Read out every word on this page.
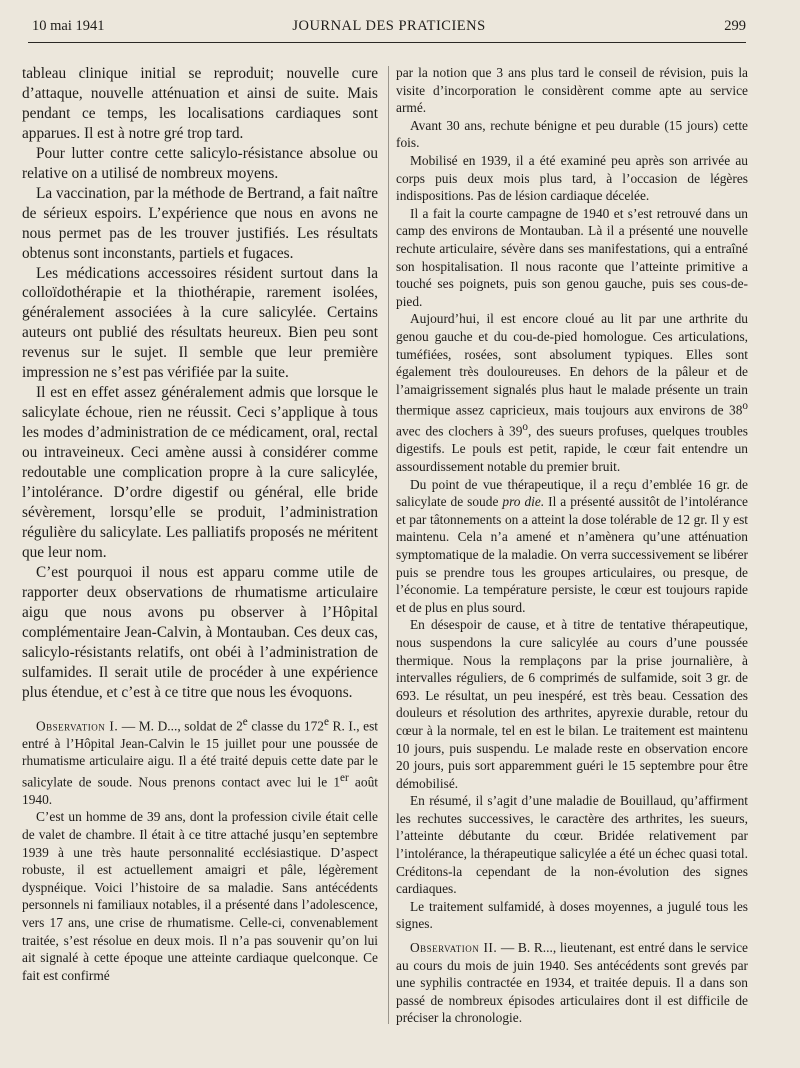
10 mai 1941	JOURNAL DES PRATICIENS	299

tableau clinique initial se reproduit; nouvelle cure d’attaque, nouvelle atténuation et ainsi de suite. Mais pendant ce temps, les localisations cardiaques sont apparues. Il est à notre gré trop tard.

Pour lutter contre cette salicylo-résistance absolue ou relative on a utilisé de nombreux moyens.

La vaccination, par la méthode de Bertrand, a fait naître de sérieux espoirs. L’expérience que nous en avons ne nous permet pas de les trouver justifiés. Les résultats obtenus sont inconstants, partiels et fugaces.

Les médications accessoires résident surtout dans la colloïdothérapie et la thiothérapie, rarement isolées, généralement associées à la cure salicylée. Certains auteurs ont publié des résultats heureux. Bien peu sont revenus sur le sujet. Il semble que leur première impression ne s’est pas vérifiée par la suite.

Il est en effet assez généralement admis que lorsque le salicylate échoue, rien ne réussit. Ceci s’applique à tous les modes d’administration de ce médicament, oral, rectal ou intraveineux. Ceci amène aussi à considérer comme redoutable une complication propre à la cure salicylée, l’intolérance. D’ordre digestif ou général, elle bride sévèrement, lorsqu’elle se produit, l’administration régulière du salicylate. Les palliatifs proposés ne méritent que leur nom.

C’est pourquoi il nous est apparu comme utile de rapporter deux observations de rhumatisme articulaire aigu que nous avons pu observer à l’Hôpital complémentaire Jean-Calvin, à Montauban. Ces deux cas, salicylo-résistants relatifs, ont obéi à l’administration de sulfamides. Il serait utile de procéder à une expérience plus étendue, et c’est à ce titre que nous les évoquons.

Observation I. — M. D..., soldat de 2e classe du 172e R. I., est entré à l’Hôpital Jean-Calvin le 15 juillet pour une poussée de rhumatisme articulaire aigu. Il a été traité depuis cette date par le salicylate de soude. Nous prenons contact avec lui le 1er août 1940.

C’est un homme de 39 ans, dont la profession civile était celle de valet de chambre. Il était à ce titre attaché jusqu’en septembre 1939 à une très haute personnalité ecclésiastique. D’aspect robuste, il est actuellement amaigri et pâle, légèrement dyspnéique. Voici l’histoire de sa maladie. Sans antécédents personnels ni familiaux notables, il a présenté dans l’adolescence, vers 17 ans, une crise de rhumatisme. Celle-ci, convenablement traitée, s’est résolue en deux mois. Il n’a pas souvenir qu’on lui ait signalé à cette époque une atteinte cardiaque quelconque. Ce fait est confirmé

par la notion que 3 ans plus tard le conseil de révision, puis la visite d’incorporation le considèrent comme apte au service armé.

Avant 30 ans, rechute bénigne et peu durable (15 jours) cette fois.

Mobilisé en 1939, il a été examiné peu après son arrivée au corps puis deux mois plus tard, à l’occasion de légères indispositions. Pas de lésion cardiaque décelée.

Il a fait la courte campagne de 1940 et s’est retrouvé dans un camp des environs de Montauban. Là il a présenté une nouvelle rechute articulaire, sévère dans ses manifestations, qui a entraîné son hospitalisation. Il nous raconte que l’atteinte primitive a touché ses poignets, puis son genou gauche, puis ses cous-de-pied.

Aujourd’hui, il est encore cloué au lit par une arthrite du genou gauche et du cou-de-pied homologue. Ces articulations, tuméfiées, rosées, sont absolument typiques. Elles sont également très douloureuses. En dehors de la pâleur et de l’amaigrissement signalés plus haut le malade présente un train thermique assez capricieux, mais toujours aux environs de 38$^o$ avec des clochers à 39$^o$, des sueurs profuses, quelques troubles digestifs. Le pouls est petit, rapide, le cœur fait entendre un assourdissement notable du premier bruit.

Du point de vue thérapeutique, il a reçu d’emblée 16 gr. de salicylate de soude pro die. Il a présenté aussitôt de l’intolérance et par tâtonnements on a atteint la dose tolérable de 12 gr. Il y est maintenu. Cela n’a amené et n’amènera qu’une atténuation symptomatique de la maladie. On verra successivement se libérer puis se prendre tous les groupes articulaires, ou presque, de l’économie. La température persiste, le cœur est toujours rapide et de plus en plus sourd.

En désespoir de cause, et à titre de tentative thérapeutique, nous suspendons la cure salicylée au cours d’une poussée thermique. Nous la remplaçons par la prise journalière, à intervalles réguliers, de 6 comprimés de sulfamide, soit 3 gr. de 693. Le résultat, un peu inespéré, est très beau. Cessation des douleurs et résolution des arthrites, apyrexie durable, retour du cœur à la normale, tel en est le bilan. Le traitement est maintenu 10 jours, puis suspendu. Le malade reste en observation encore 20 jours, puis sort apparemment guéri le 15 septembre pour être démobilisé.

En résumé, il s’agit d’une maladie de Bouillaud, qu’affirment les rechutes successives, le caractère des arthrites, les sueurs, l’atteinte débutante du cœur. Bridée relativement par l’intolérance, la thérapeutique salicylée a été un échec quasi total. Créditons-la cependant de la non-évolution des signes cardiaques.

Le traitement sulfamidé, à doses moyennes, a jugulé tous les signes.

Observation II. — B. R..., lieutenant, est entré dans le service au cours du mois de juin 1940. Ses antécédents sont grevés par une syphilis contractée en 1934, et traitée depuis. Il a dans son passé de nombreux épisodes articulaires dont il est difficile de préciser la chronologie.
